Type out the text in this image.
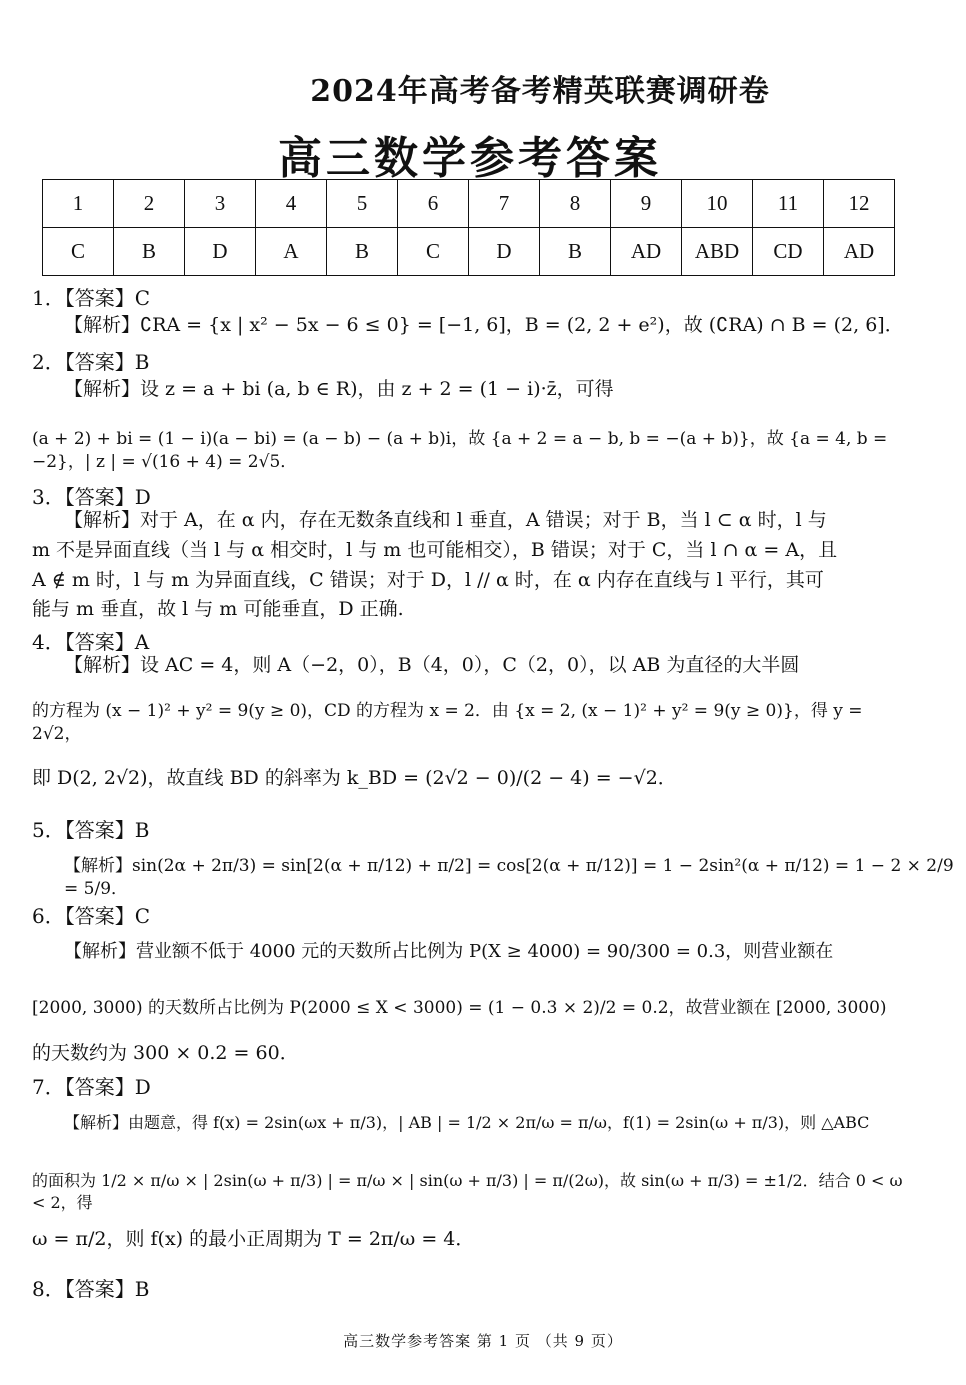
2024年高考备考精英联赛调研卷
高三数学参考答案
1	2	3	4	5	6	7	8	9	10	11	12
C	B	D	A	B	C	D	B	AD	ABD	CD	AD
1．【答案】C
【解析】∁RA = {x | x² − 5x − 6 ≤ 0} = [−1, 6]，B = (2, 2 + e²)，故 (∁RA) ∩ B = (2, 6]．
2．【答案】B
【解析】设 z = a + bi (a, b ∈ R)，由 z + 2 = (1 − i)·z̄，可得
(a + 2) + bi = (1 − i)(a − bi) = (a − b) − (a + b)i，故 {a + 2 = a − b, b = −(a + b)}，故 {a = 4, b = −2}，| z | = √(16 + 4) = 2√5．
3．【答案】D
【解析】对于 A，在 α 内，存在无数条直线和 l 垂直，A 错误；对于 B，当 l ⊂ α 时，l 与
m 不是异面直线（当 l 与 α 相交时，l 与 m 也可能相交），B 错误；对于 C，当 l ∩ α = A，且
A ∉ m 时，l 与 m 为异面直线，C 错误；对于 D，l // α 时，在 α 内存在直线与 l 平行，其可
能与 m 垂直，故 l 与 m 可能垂直，D 正确.
4．【答案】A
【解析】设 AC = 4，则 A（−2，0），B（4，0），C（2，0），以 AB 为直径的大半圆
的方程为 (x − 1)² + y² = 9(y ≥ 0)，CD 的方程为 x = 2．由 {x = 2, (x − 1)² + y² = 9(y ≥ 0)}，得 y = 2√2，
即 D(2, 2√2)，故直线 BD 的斜率为 k_BD = (2√2 − 0)/(2 − 4) = −√2．
5．【答案】B
【解析】sin(2α + 2π/3) = sin[2(α + π/12) + π/2] = cos[2(α + π/12)] = 1 − 2sin²(α + π/12) = 1 − 2 × 2/9 = 5/9．
6．【答案】C
【解析】营业额不低于 4000 元的天数所占比例为 P(X ≥ 4000) = 90/300 = 0.3，则营业额在
[2000, 3000) 的天数所占比例为 P(2000 ≤ X < 3000) = (1 − 0.3 × 2)/2 = 0.2，故营业额在 [2000, 3000)
的天数约为 300 × 0.2 = 60．
7．【答案】D
【解析】由题意，得 f(x) = 2sin(ωx + π/3)，| AB | = 1/2 × 2π/ω = π/ω，f(1) = 2sin(ω + π/3)，则 △ABC
的面积为 1/2 × π/ω × | 2sin(ω + π/3) | = π/ω × | sin(ω + π/3) | = π/(2ω)，故 sin(ω + π/3) = ±1/2．结合 0 < ω < 2，得
ω = π/2，则 f(x) 的最小正周期为 T = 2π/ω = 4．
8．【答案】B
高三数学参考答案 第 1 页 （共 9 页）
